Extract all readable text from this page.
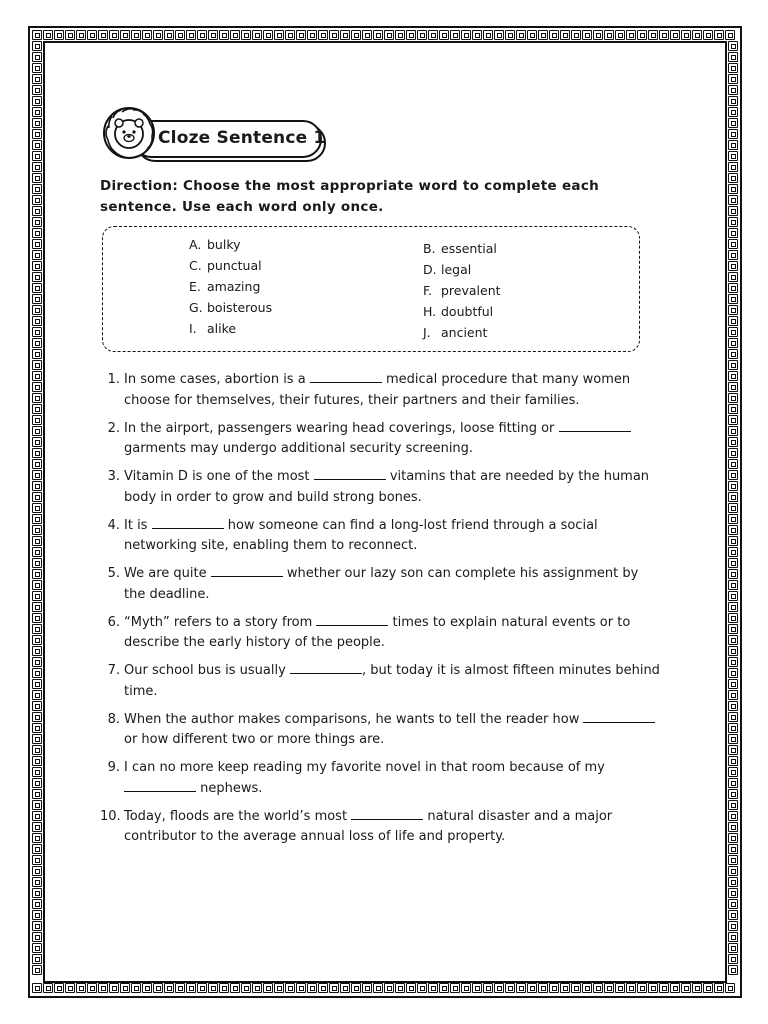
Cloze Sentence 1
Direction: Choose the most appropriate word to complete each sentence. Use each word only once.
A. bulky
C. punctual
E. amazing
G. boisterous
I. alike
B. essential
D. legal
F. prevalent
H. doubtful
J. ancient
1. In some cases, abortion is a	medical procedure that many women choose for themselves, their futures, their partners and their families.
2. In the airport, passengers wearing head coverings, loose fitting or  garments may undergo additional security screening.
3. Vitamin D is one of the most	vitamins that are needed by the human body in order to grow and build strong bones.
4. It is	how someone can find a long-lost friend through a social networking site, enabling them to reconnect.
5. We are quite	whether our lazy son can complete his assignment by the deadline.
6. “Myth” refers to a story from	times to explain natural events or to describe the early history of the people.
7. Our school bus is usually	, but today it is almost fifteen minutes behind time.
8. When the author makes comparisons, he wants to tell the reader how  or how different two or more things are.
9. I can no more keep reading my favorite novel in that room because of my  nephews.
10. Today, floods are the world’s most	natural disaster and a major contributor to the average annual loss of life and property.
